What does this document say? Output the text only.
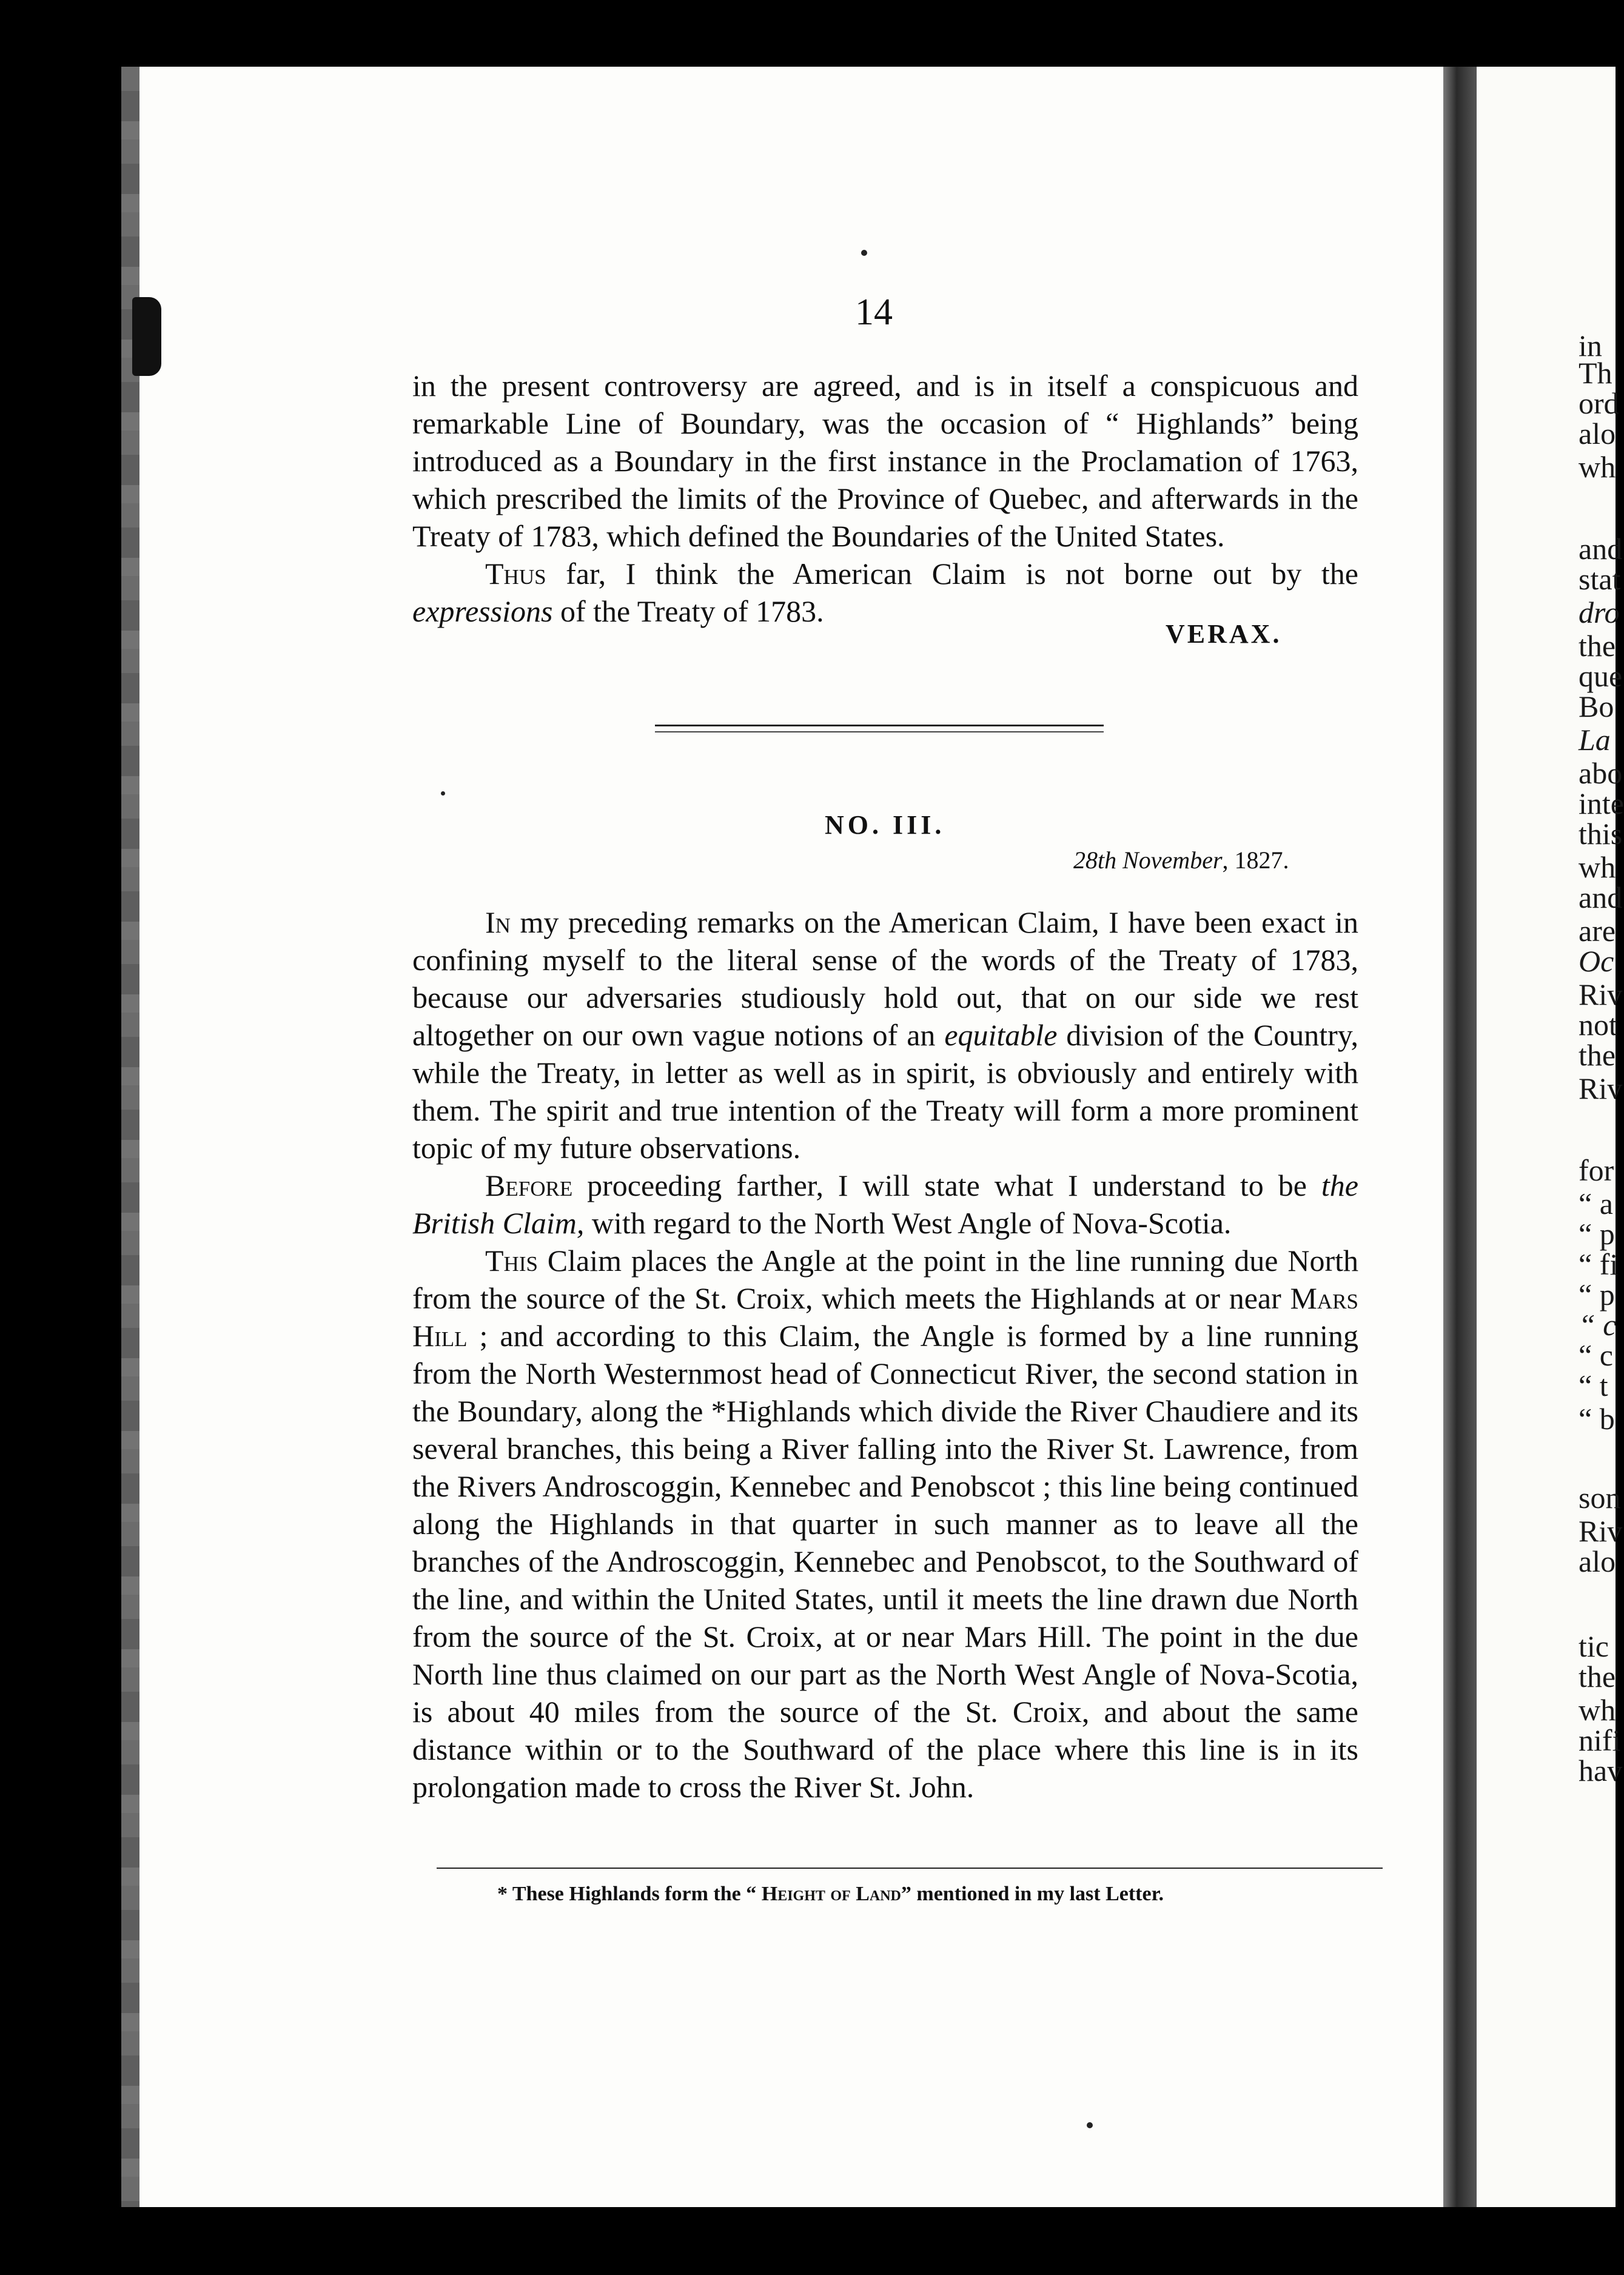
in
Th
ord
alo
wh
and
stat
dro
the
que
Bo
La
abo
inte
this
wh
and
are
Oc
Riv
not
the
Riv
for
“ a
“ p
“ fi
“ p
“ c
“ c
“ t
“ b
son
Riv
alo
tic
the
wh
nifi
hav
14

in the present controversy are agreed, and is in itself a conspicuous and remarkable Line of Boundary, was the occasion of “ Highlands” being introduced as a Boundary in the first instance in the Proclamation of 1763, which prescribed the limits of the Province of Quebec, and afterwards in the Treaty of 1783, which defined the Boundaries of the United States.

Thus far, I think the American Claim is not borne out by the expressions of the Treaty of 1783.

VERAX.
NO. III.
28th November, 1827.

In my preceding remarks on the American Claim, I have been exact in confining myself to the literal sense of the words of the Treaty of 1783, because our adversaries studiously hold out, that on our side we rest altogether on our own vague notions of an equitable division of the Country, while the Treaty, in letter as well as in spirit, is obviously and entirely with them. The spirit and true intention of the Treaty will form a more prominent topic of my future observations.

Before proceeding farther, I will state what I understand to be the British Claim, with regard to the North West Angle of Nova-Scotia.

This Claim places the Angle at the point in the line running due North from the source of the St. Croix, which meets the Highlands at or near Mars Hill ; and according to this Claim, the Angle is formed by a line running from the North Westernmost head of Connecticut River, the second station in the Boundary, along the *Highlands which divide the River Chaudiere and its several branches, this being a River falling into the River St. Lawrence, from the Rivers Androscoggin, Kennebec and Penobscot ; this line being continued along the Highlands in that quarter in such manner as to leave all the branches of the Androscoggin, Kennebec and Penobscot, to the Southward of the line, and within the United States, until it meets the line drawn due North from the source of the St. Croix, at or near Mars Hill. The point in the due North line thus claimed on our part as the North West Angle of Nova-Scotia, is about 40 miles from the source of the St. Croix, and about the same distance within or to the Southward of the place where this line is in its prolongation made to cross the River St. John.

* These Highlands form the “ Height of Land” mentioned in my last Letter.
